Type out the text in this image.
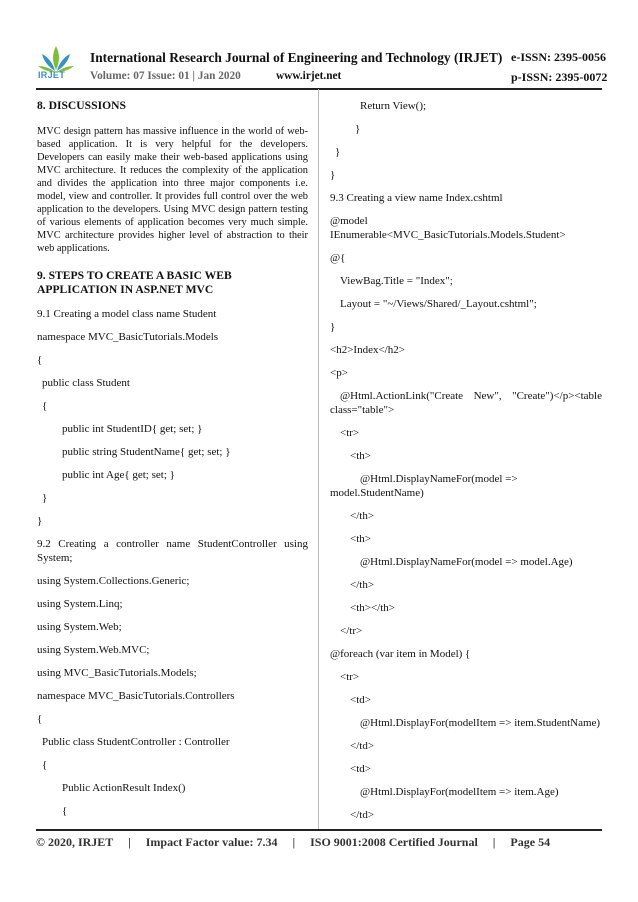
IRJET
International Research Journal of Engineering and Technology (IRJET) e-ISSN: 2395-0056
Volume: 07 Issue: 01 | Jan 2020	www.irjet.net	p-ISSN: 2395-0072
8. DISCUSSIONS
MVC design pattern has massive influence in the world of web-based application. It is very helpful for the developers. Developers can easily make their web-based applications using MVC architecture. It reduces the complexity of the application and divides the application into three major components i.e. model, view and controller. It provides full control over the web application to the developers. Using MVC design pattern testing of various elements of application becomes very much simple. MVC architecture provides higher level of abstraction to their web applications.
9. STEPS TO CREATE A BASIC WEB APPLICATION IN ASP.NET MVC
9.1 Creating a model class name Student
namespace MVC_BasicTutorials.Models
{
public class Student
{
public int StudentID{ get; set; }
public string StudentName{ get; set; }
public int Age{ get; set; }
}
}
9.2 Creating a controller name StudentController using System;
using System.Collections.Generic;
using System.Linq;
using System.Web;
using System.Web.MVC;
using MVC_BasicTutorials.Models;
namespace MVC_BasicTutorials.Controllers
{
Public class StudentController : Controller
{
Public ActionResult Index()
{
Return View();
}
}
}
9.3 Creating a view name Index.cshtml
@model IEnumerable<MVC_BasicTutorials.Models.Student>
@{
ViewBag.Title = "Index";
Layout = "~/Views/Shared/_Layout.cshtml";
}
<h2>Index</h2>
<p>
@Html.ActionLink("Create New", "Create")</p><table class="table">
<tr>
<th>
@Html.DisplayNameFor(model => model.StudentName)
</th>
<th>
@Html.DisplayNameFor(model => model.Age)
</th>
<th></th>
</tr>
@foreach (var item in Model) {
<tr>
<td>
@Html.DisplayFor(modelItem => item.StudentName)
</td>
<td>
@Html.DisplayFor(modelItem => item.Age)
</td>
© 2020, IRJET     |     Impact Factor value: 7.34     |     ISO 9001:2008 Certified Journal     |     Page 54
